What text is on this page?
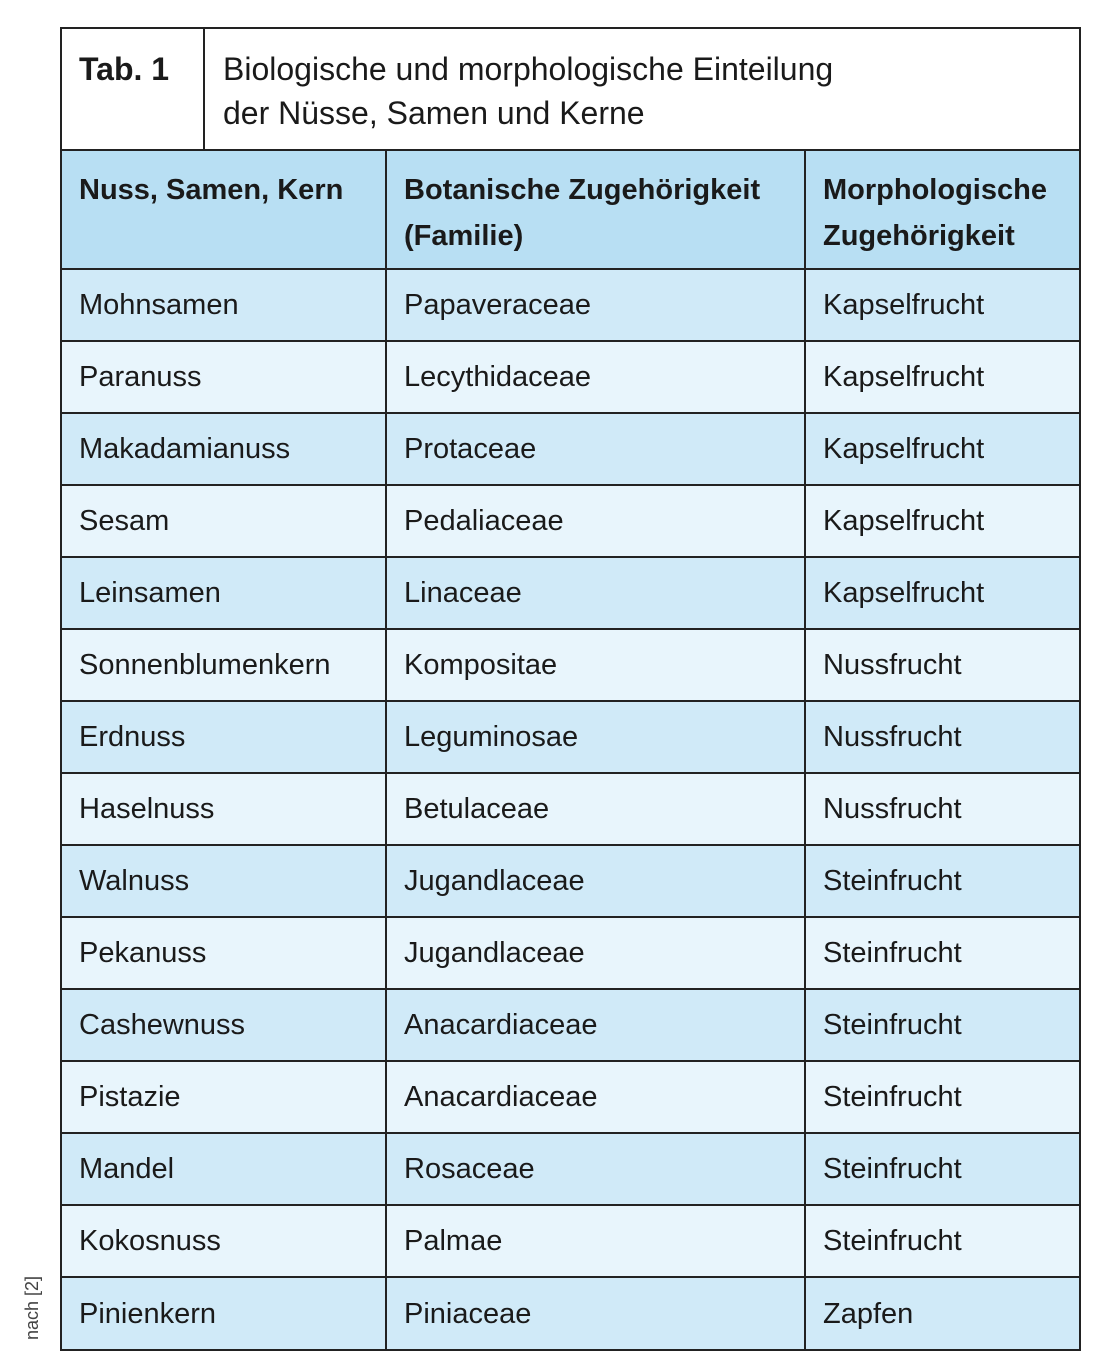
Tab. 1	Biologische und morphologische Einteilung
der Nüsse, Samen und Kerne
Nuss, Samen, Kern	Botanische Zugehörigkeit (Familie)	Morphologische Zugehörigkeit
Mohnsamen	Papaveraceae	Kapselfrucht
Paranuss	Lecythidaceae	Kapselfrucht
Makadamianuss	Protaceae	Kapselfrucht
Sesam	Pedaliaceae	Kapselfrucht
Leinsamen	Linaceae	Kapselfrucht
Sonnenblumenkern	Kompositae	Nussfrucht
Erdnuss	Leguminosae	Nussfrucht
Haselnuss	Betulaceae	Nussfrucht
Walnuss	Jugandlaceae	Steinfrucht
Pekanuss	Jugandlaceae	Steinfrucht
Cashewnuss	Anacardiaceae	Steinfrucht
Pistazie	Anacardiaceae	Steinfrucht
Mandel	Rosaceae	Steinfrucht
Kokosnuss	Palmae	Steinfrucht
Pinienkern	Piniaceae	Zapfen
nach [2]
